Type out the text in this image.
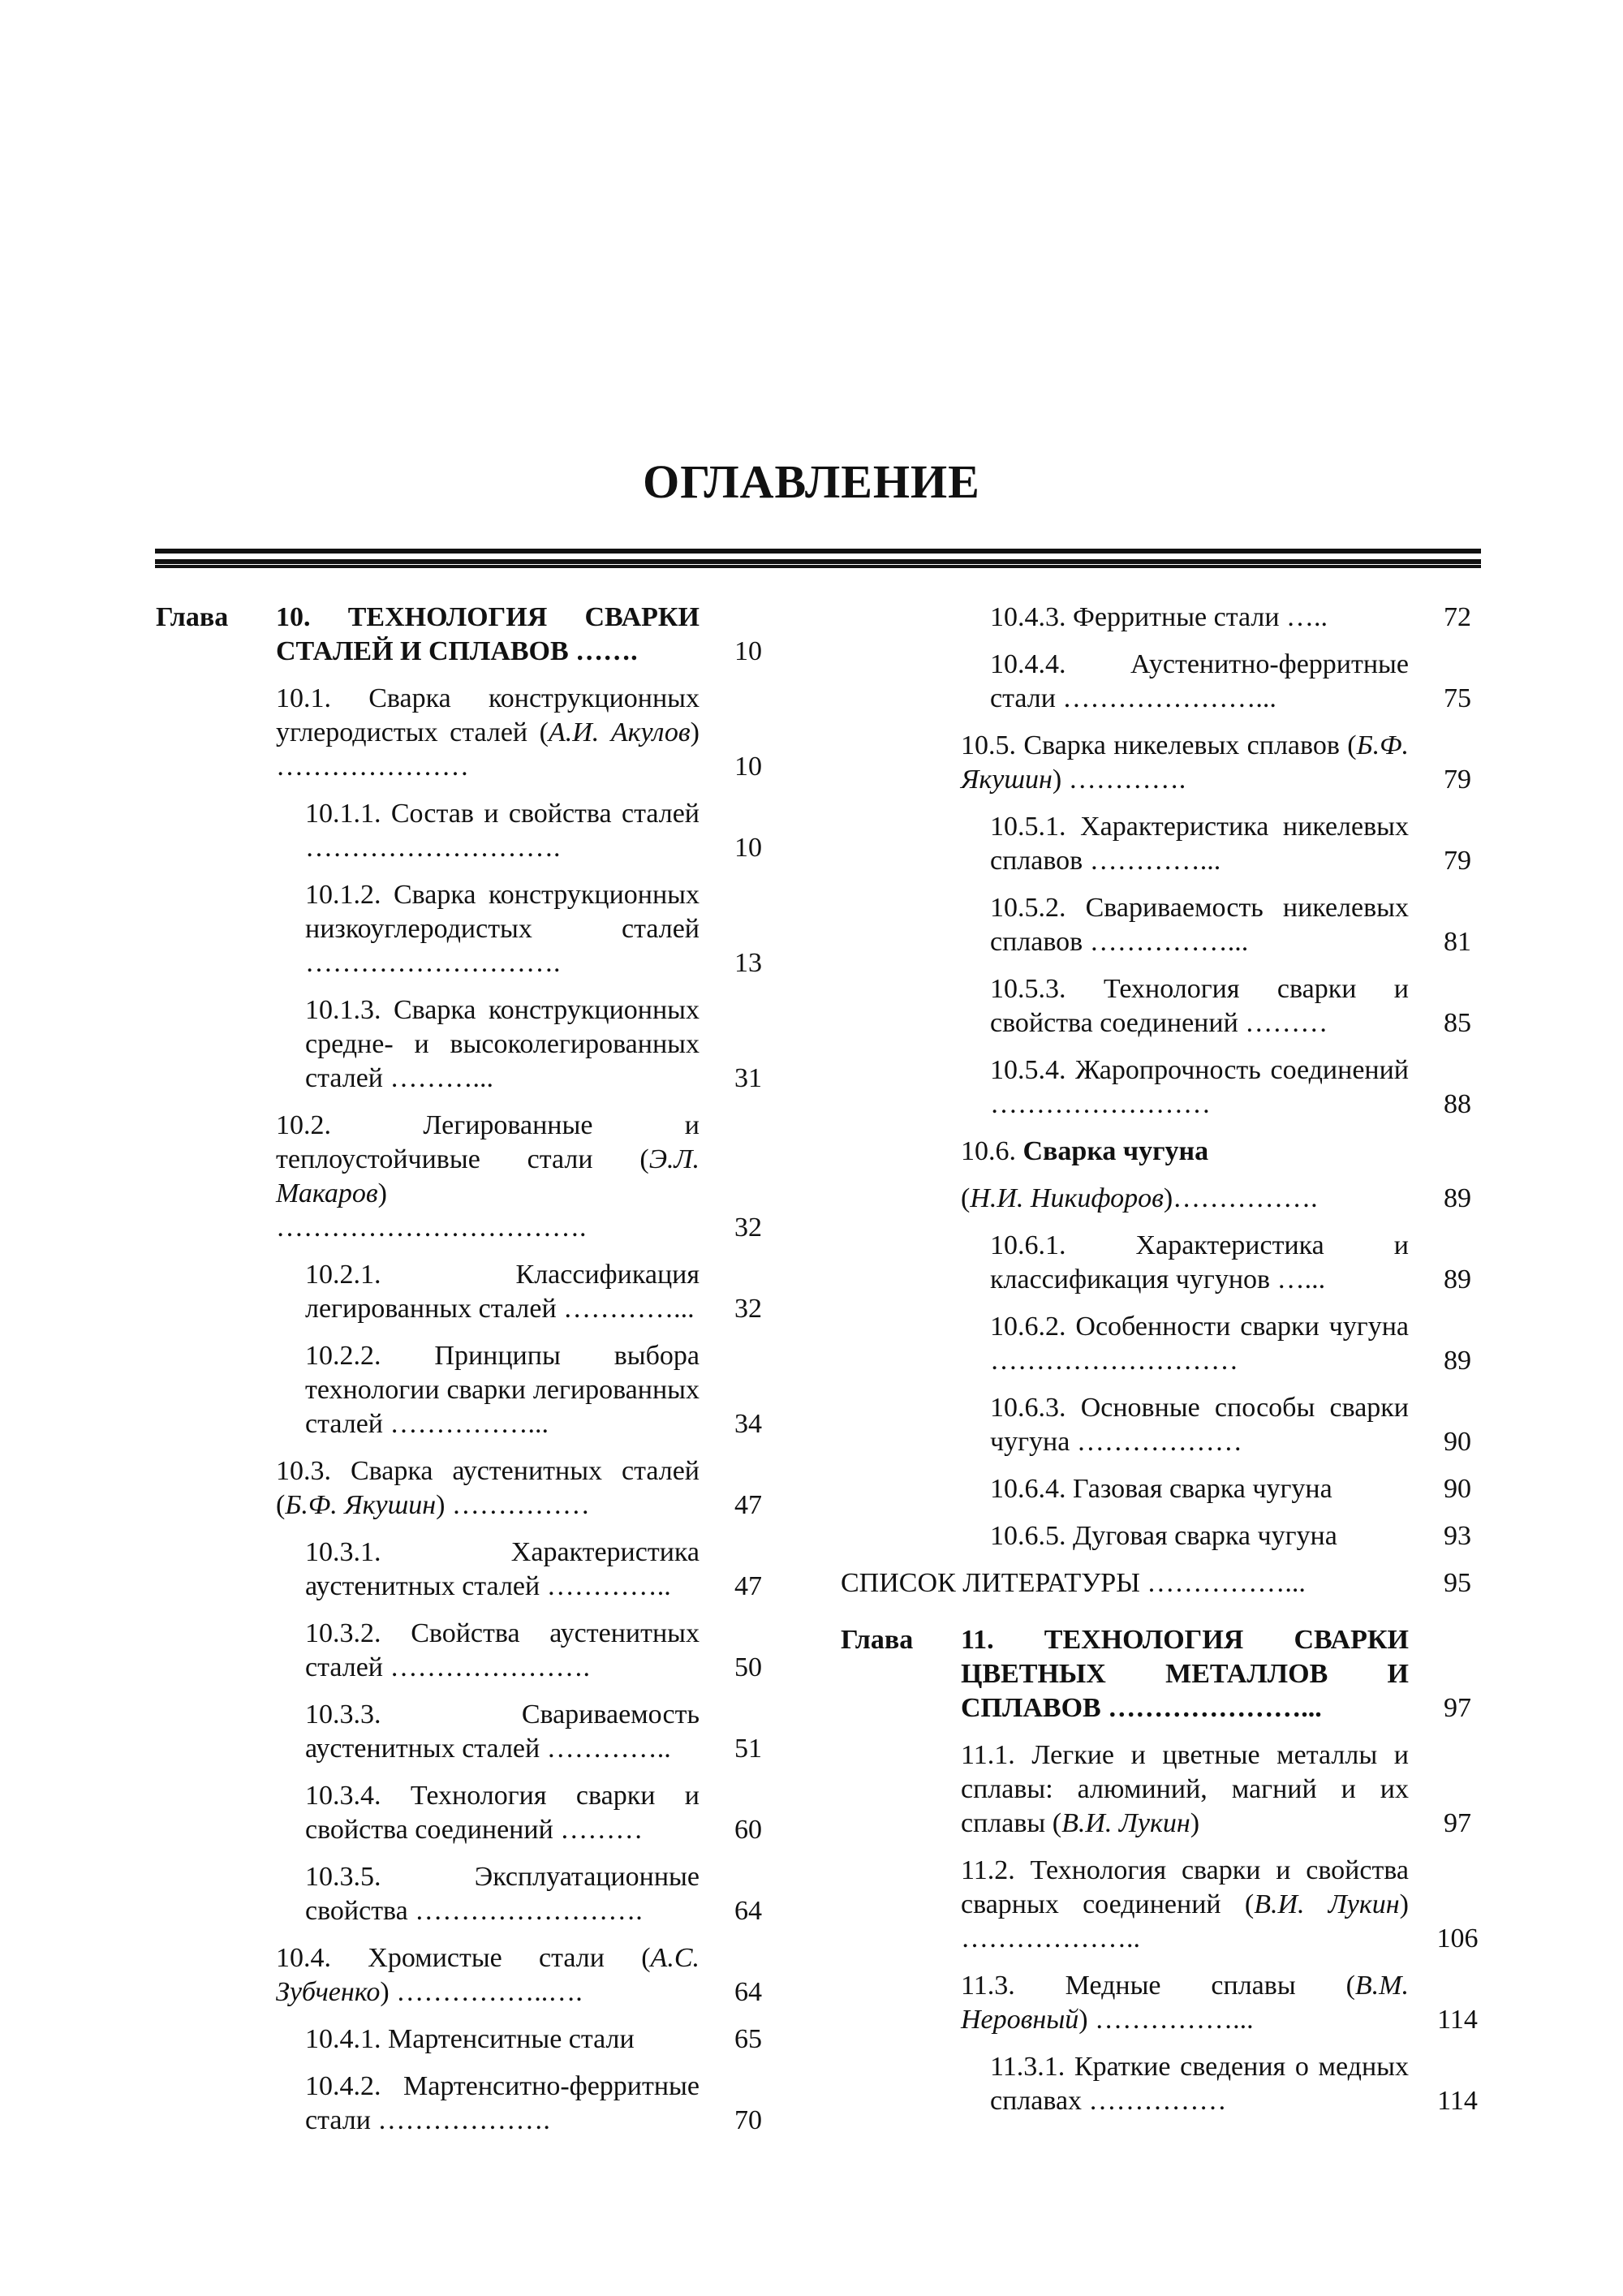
ОГЛАВЛЕНИЕ
Глава	10. ТЕХНОЛОГИЯ СВАРКИ СТАЛЕЙ И СПЛАВОВ …….	10
10.1. Сварка конструкционных углеродистых сталей (А.И. Акулов) …………………	10
10.1.1. Состав и свойства сталей ……………………….	10
10.1.2. Сварка конструкционных низкоуглеродистых сталей ……………………….	13
10.1.3. Сварка конструкционных средне- и высоколегированных сталей ………...	31
10.2. Легированные и теплоустойчивые стали (Э.Л. Макаров) …………………………….	32
10.2.1. Классификация легированных сталей …………...	32
10.2.2. Принципы выбора технологии сварки легированных сталей ……………...	34
10.3. Сварка аустенитных сталей (Б.Ф. Якушин) ……………	47
10.3.1. Характеристика аустенитных сталей …………..	47
10.3.2. Свойства аустенитных сталей ………………….	50
10.3.3. Свариваемость аустенитных сталей …………..	51
10.3.4. Технология сварки и свойства соединений ………	60
10.3.5. Эксплуатационные свойства …………………….	64
10.4. Хромистые стали (А.С. Зубченко) ……………..….	64
10.4.1. Мартенситные стали	65
10.4.2. Мартенситно-ферритные стали ……………….	70
10.4.3. Ферритные стали …..	72
10.4.4. Аустенитно-ферритные стали …………………...	75
10.5. Сварка никелевых сплавов (Б.Ф. Якушин) ………….	79
10.5.1. Характеристика никелевых сплавов …………...	79
10.5.2. Свариваемость никелевых сплавов ……………...	81
10.5.3. Технология сварки и свойства соединений ………	85
10.5.4. Жаропрочность соединений ……………………	88
10.6. Сварка чугуна
(Н.И. Никифоров)…………….	89
10.6.1. Характеристика и классификация чугунов …...	89
10.6.2. Особенности сварки чугуна ………………………	89
10.6.3. Основные способы сварки чугуна ………………	90
10.6.4. Газовая сварка чугуна	90
10.6.5. Дуговая сварка чугуна	93
СПИСОК ЛИТЕРАТУРЫ ……………...	95
Глава	11. ТЕХНОЛОГИЯ СВАРКИ ЦВЕТНЫХ МЕТАЛЛОВ И СПЛАВОВ …………………...	97
11.1. Легкие и цветные металлы и сплавы: алюминий, магний и их сплавы (В.И. Лукин)	97
11.2. Технология сварки и свойства сварных соединений (В.И. Лукин) ………………..	106
11.3. Медные сплавы (В.М. Неровный) ……………...	114
11.3.1. Краткие сведения о медных сплавах ……………	114
